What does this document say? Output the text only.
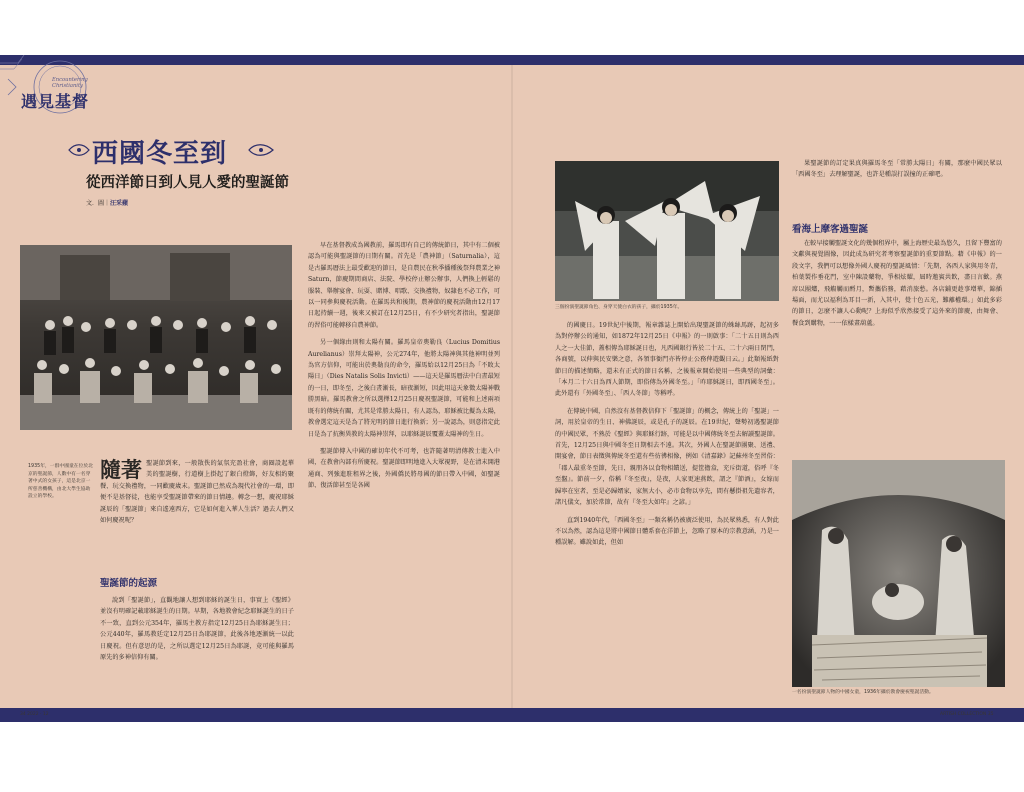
Encountering
Christianity
遇見基督
西國冬至到
從西洋節日到人見人愛的聖誕節
文．圖｜汪采蘋
1935年，一群中國童在位於北京的聖誕節，人數中有一名穿著中式的女孩子，這是北京一所慈善機構，由北大學生協助設立的學校。

隨著 聖誕節到來，一般散佚的氣氛充盈社會，商圈設起華美的聖誕樹，行道樹上掛起了銀白燈飾，好友相約聚餐、玩交換禮物，一同歡慶歲末。聖誕節已然成為現代社會的一環，即便不是基督徒，也能享受聖誕節帶來的節日情趣。轉念一想，慶祝耶穌誕辰的「聖誕節」來自遙遠西方，它是如何進入華人生活？過去人們又如何慶祝呢？

聖誕節的起源

說到「聖誕節」，直觀地讓人想到耶穌的誕生日，事實上《聖經》並沒有明確記載耶穌誕生的日期。早期，各地教會紀念耶穌誕生的日子不一致，直到公元354年，羅馬主教方指定12月25日為耶穌誕生日；公元440年，羅馬教廷定12月25日為耶誕節，此後各地逐漸統一以此日慶祝。但有意思的是，之所以選定12月25日為耶誕，竟可能與羅馬原先的多神信仰有關。

早在基督教成為國教前，羅馬即有自己的傳統節日，其中有二個被認為可能與聖誕節的日期有關。首先是「農神節」（Saturnalia），這是古羅馬曆法上最受歡迎的節日，是自農民在秋季播種後祭拜農業之神Saturn，節慶期間商店、法院、學校停止辦公辦事，人們換上輕鬆的服裝、舉辦宴會、玩耍、賭博、唱歌、交換禮物，奴隸也不必工作，可以一同參與慶祝活動。在羅馬共和後期，農神節的慶祝活動由12月17日起持續一週，後來又被訂在12月25日，有不少研究者指出，聖誕節的習俗可能轉移自農神節。

另一個緣由則和太陽有關。羅馬皇帝奧勒良（Lucius Domitius Aurelianus）崇拜太陽神，公元274年，他將太陽神與其他神明並列為官方信仰，可能出於奧勒良的命令，羅馬始以12月25日為「不敗太陽日」（Dies Natalis Solis Invicti）——這天是羅馬曆法中白晝最短的一日，即冬至，之後白晝漸長，暗夜漸短，因此用這天象徵太陽神戰勝黑暗。羅馬教會之所以選擇12月25日慶祝聖誕節，可能和上述兩項既有的傳統有關，尤其是常勝太陽日，有人認為，耶穌被比擬為太陽，教會選定這天是為了將光明的節日進行換新；另一說認為，則意指定此日是為了抗衡異教的太陽神崇拜，以耶穌誕辰覆蓋太陽神的生日。

聖誕節傳入中國的確切年代不可考，也許隨著明清傳教士進入中國，在教會內部有所慶祝。聖誕節即明地進入大眾視野，是在清末開港通商、列強進駐租界之後，外國僑民將母國的節日帶入中國，如聖誕節、復活節甚至是各國

三個扮演聖誕節角色、身穿天使白衣的孩子，攝於1935年。

的國慶日。19世紀中後期，報章雜誌上開始出現聖誕節的蛛絲馬跡，起初多為對停辦公的通知，如1872年12月25日《申報》的一則啟事：「二十五日則為西人之一大佳節，蓋相傳為耶穌誕日也，凡西國銀行皆於二十五、二十六兩日閉門，各商號，以伸與民安樂之意，各領事衙門亦皆停止公務俾遊觀日云。」此類報紙對節日的描述簡略，還未有正式的節日名稱，之後報章開始使用一些典型的詞彙：「本月二十六日為西人節期，即俗傳為外國冬至。」「昨耶穌誕日，即西國冬至」。此外還有「外國冬至」、「西人冬節」等稱呼。

在傳統中國，自然沒有基督教信仰下「聖誕節」的概念，傳統上的「聖誕」一詞，用於皇帝的生日、神佛誕辰，或是孔子的誕辰。在19世紀，聲勢初遇聖誕節的中國民眾，不熟於《聖經》與耶穌行跡，可能是以中國傳統冬至去解讀聖誕節。首先，12月25日與中國冬至日期相去不遠。其次，外國人在聖誕節團聚、送禮、開宴會，節日表徵與傳統冬至還有些彷彿相像，例如《清嘉錄》記蘇州冬至習俗：「郡人最重冬至節，先日，親朋各以食物相饋送，提筐擔盒，充斥街道，俗呼『冬至盤』。節前一夕，俗稱『冬至夜』，是夜，人家更速燕飲，謂之『節酒』，女嫁而歸寧在室者，至是必歸婿家，家無大小，必市食物以享先，間有懸掛祖先遺容者，諸凡儀文，加於常節，故有『冬至大如年』之諺。」

直到1940年代，「西國冬至」一類名稱仍被廣泛使用，為民眾熟悉，有人對此不以為然，認為這是將中國節日體系套在洋節上，忽略了原本的宗教意涵，乃是一種誤解。雖說如此，但如

果聖誕節的訂定果真與羅馬冬至「常勝太陽日」有關，那麼中國民眾以「西國冬至」去理解聖誕，也許是種誤打誤撞的正確吧。

看海上摩客過聖誕

在較早接觸聖誕文化的幾個租界中，屬上海歷史最為悠久，且留下豐富的文獻與視覺圖像，因此成為研究者考察聖誕節的重要節點。藉《申報》的一段文字，我們可以想像外國人慶祝的聖誕風情：「先期，各西人家與用冬青，柏葉製作垂花門，室中陳設藥物，爭相炫耀，屆時邀賓共飲，盡日言歡。燕席以團爐，飛觴觸而酹月，暫攜俗務，藉消旅愁。各店鋪更趁事增華，錦插場面，而尤以福利為耳目一新，入其中，覺十色五光，難離權環。」如此多彩的節日，怎麼不讓人心動呢？上海似乎欣然接受了這外來的節慶，由舞會、餐食到購物，一一依樣畫葫蘆。

一名扮演聖誕節人物的中國女童，1936年攝於教會慶祝聖誕活動。
34 2022 · 12	ARTISH COLLECTION 35
